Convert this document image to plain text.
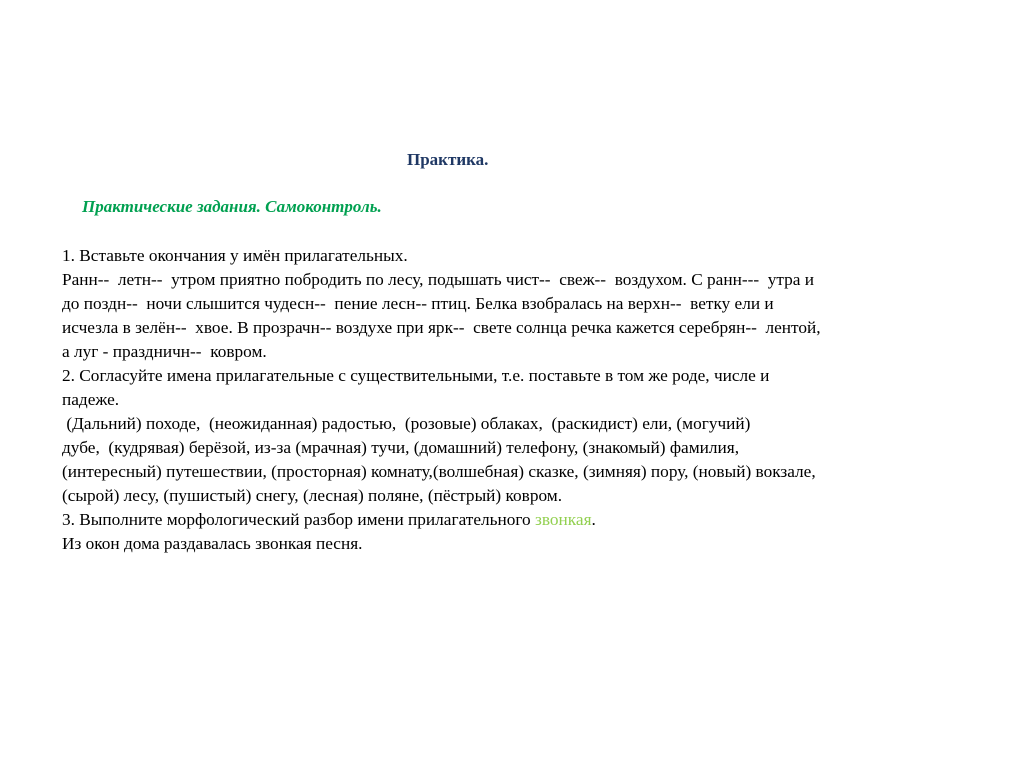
Практика.
Практические задания. Самоконтроль.
1. Вставьте окончания у имён прилагательных.
Ранн--  летн--  утром приятно побродить по лесу, подышать чист--  свеж--  воздухом. С ранн---  утра и
до поздн--  ночи слышится чудесн--  пение лесн-- птиц. Белка взобралась на верхн--  ветку ели и
исчезла в зелён--  хвое. В прозрачн-- воздухе при ярк--  свете солнца речка кажется серебрян--  лентой,
а луг - праздничн--  ковром.
2. Согласуйте имена прилагательные с существительными, т.е. поставьте в том же роде, числе и
падеже.
(Дальний) походе,  (неожиданная) радостью,  (розовые) облаках,  (раскидист) ели, (могучий)
дубе,  (кудрявая) берёзой, из-за (мрачная) тучи, (домашний) телефону, (знакомый) фамилия,
(интересный) путешествии, (просторная) комнату,(волшебная) сказке, (зимняя) пору, (новый) вокзале,
(сырой) лесу, (пушистый) снегу, (лесная) поляне, (пёстрый) ковром.
3. Выполните морфологический разбор имени прилагательного звонкая.
Из окон дома раздавалась звонкая песня.
